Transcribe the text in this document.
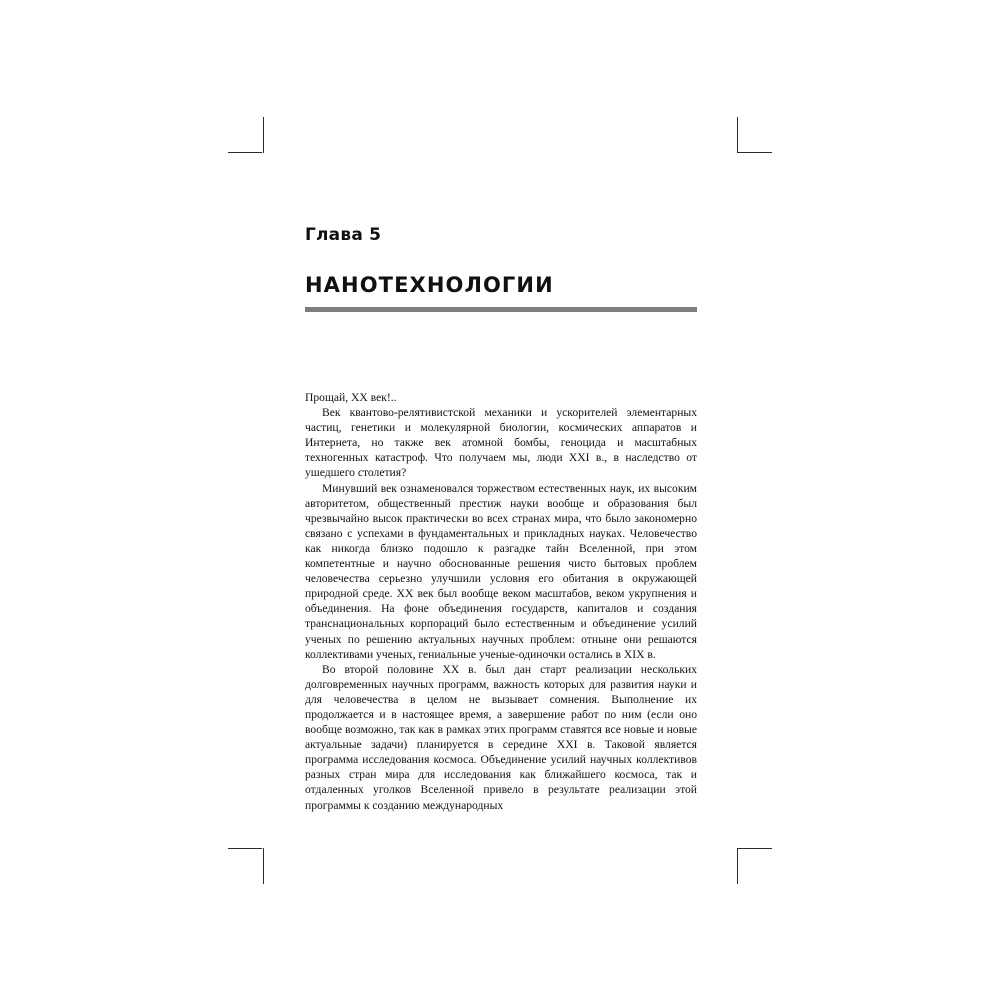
Глава 5
НАНОТЕХНОЛОГИИ

Прощай, XX век!..

Век квантово-релятивистской механики и ускорителей элементарных частиц, генетики и молекулярной биологии, космических аппаратов и Интернета, но также век атомной бомбы, геноцида и масштабных техногенных катастроф. Что получаем мы, люди XXI в., в наследство от ушедшего столетия?

Минувший век ознаменовался торжеством естественных наук, их высоким авторитетом, общественный престиж науки вообще и образования был чрезвычайно высок практически во всех странах мира, что было закономерно связано с успехами в фундаментальных и прикладных науках. Человечество как никогда близко подошло к разгадке тайн Вселенной, при этом компетентные и научно обоснованные решения чисто бытовых проблем человечества серьезно улучшили условия его обитания в окружающей природной среде. XX век был вообще веком масштабов, веком укрупнения и объединения. На фоне объединения государств, капиталов и создания транснациональных корпораций было естественным и объединение усилий ученых по решению актуальных научных проблем: отныне они решаются коллективами ученых, гениальные ученые-одиночки остались в XIX в.

Во второй половине XX в. был дан старт реализации нескольких долговременных научных программ, важность которых для развития науки и для человечества в целом не вызывает сомнения. Выполнение их продолжается и в настоящее время, а завершение работ по ним (если оно вообще возможно, так как в рамках этих программ ставятся все новые и новые актуальные задачи) планируется в середине XXI в. Таковой является программа исследования космоса. Объединение усилий научных коллективов разных стран мира для исследования как ближайшего космоса, так и отдаленных уголков Вселенной привело в результате реализации этой программы к созданию международных
